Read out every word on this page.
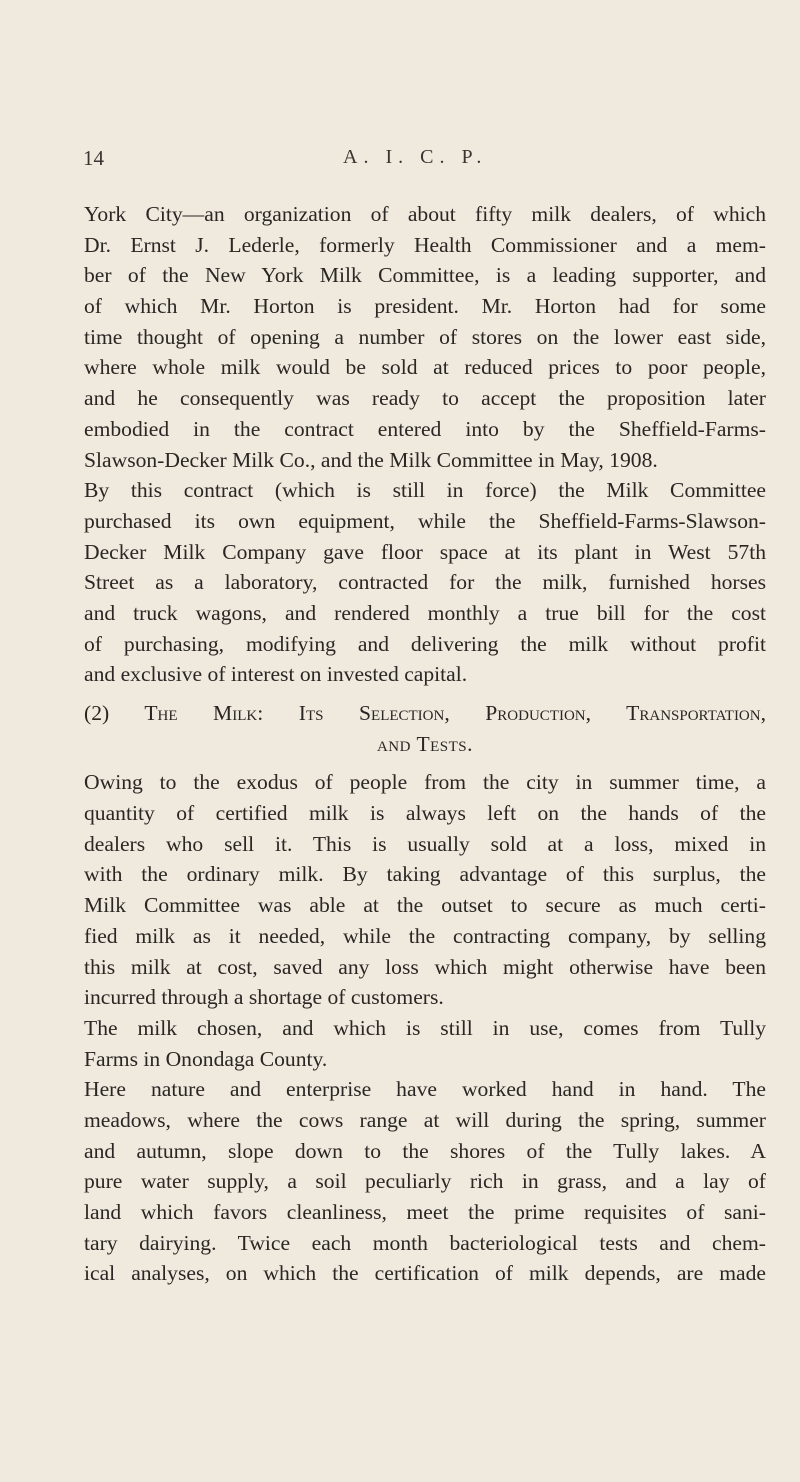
14	A. I. C. P.
York City—an organization of about fifty milk dealers, of which
Dr. Ernst J. Lederle, formerly Health Commissioner and a mem-
ber of the New York Milk Committee, is a leading supporter, and
of which Mr. Horton is president. Mr. Horton had for some
time thought of opening a number of stores on the lower east side,
where whole milk would be sold at reduced prices to poor people,
and he consequently was ready to accept the proposition later
embodied in the contract entered into by the Sheffield-Farms-
Slawson-Decker Milk Co., and the Milk Committee in May, 1908.
By this contract (which is still in force) the Milk Committee
purchased its own equipment, while the Sheffield-Farms-Slawson-
Decker Milk Company gave floor space at its plant in West 57th
Street as a laboratory, contracted for the milk, furnished horses
and truck wagons, and rendered monthly a true bill for the cost
of purchasing, modifying and delivering the milk without profit
and exclusive of interest on invested capital.
(2) The Milk: Its Selection, Production, Transportation,
and Tests.
Owing to the exodus of people from the city in summer time, a
quantity of certified milk is always left on the hands of the
dealers who sell it. This is usually sold at a loss, mixed in
with the ordinary milk. By taking advantage of this surplus, the
Milk Committee was able at the outset to secure as much certi-
fied milk as it needed, while the contracting company, by selling
this milk at cost, saved any loss which might otherwise have been
incurred through a shortage of customers.
The milk chosen, and which is still in use, comes from Tully
Farms in Onondaga County.
Here nature and enterprise have worked hand in hand. The
meadows, where the cows range at will during the spring, summer
and autumn, slope down to the shores of the Tully lakes. A
pure water supply, a soil peculiarly rich in grass, and a lay of
land which favors cleanliness, meet the prime requisites of sani-
tary dairying. Twice each month bacteriological tests and chem-
ical analyses, on which the certification of milk depends, are made
